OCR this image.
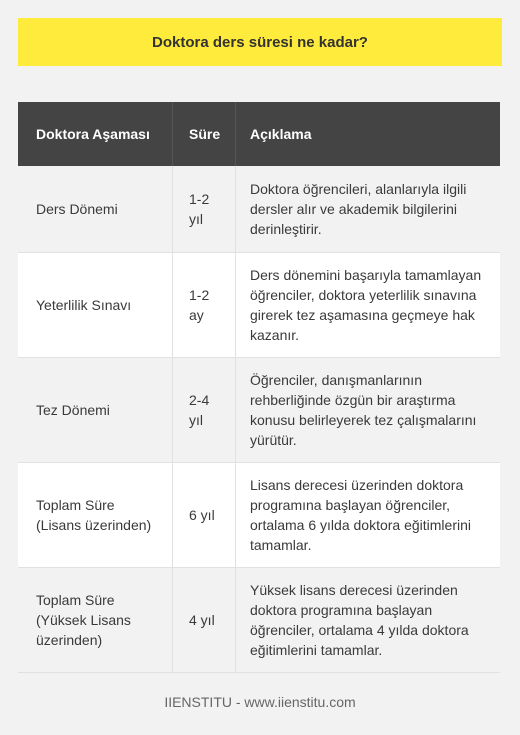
Doktora ders süresi ne kadar?
Doktora Aşaması	Süre	Açıklama
Ders Dönemi	1-2 yıl	Doktora öğrencileri, alanlarıyla ilgili dersler alır ve akademik bilgilerini derinleştirir.
Yeterlilik Sınavı	1-2 ay	Ders dönemini başarıyla tamamlayan öğrenciler, doktora yeterlilik sınavına girerek tez aşamasına geçmeye hak kazanır.
Tez Dönemi	2-4 yıl	Öğrenciler, danışmanlarının rehberliğinde özgün bir araştırma konusu belirleyerek tez çalışmalarını yürütür.
Toplam Süre (Lisans üzerinden)	6 yıl	Lisans derecesi üzerinden doktora programına başlayan öğrenciler, ortalama 6 yılda doktora eğitimlerini tamamlar.
Toplam Süre (Yüksek Lisans üzerinden)	4 yıl	Yüksek lisans derecesi üzerinden doktora programına başlayan öğrenciler, ortalama 4 yılda doktora eğitimlerini tamamlar.
IIENSTITU - www.iienstitu.com
